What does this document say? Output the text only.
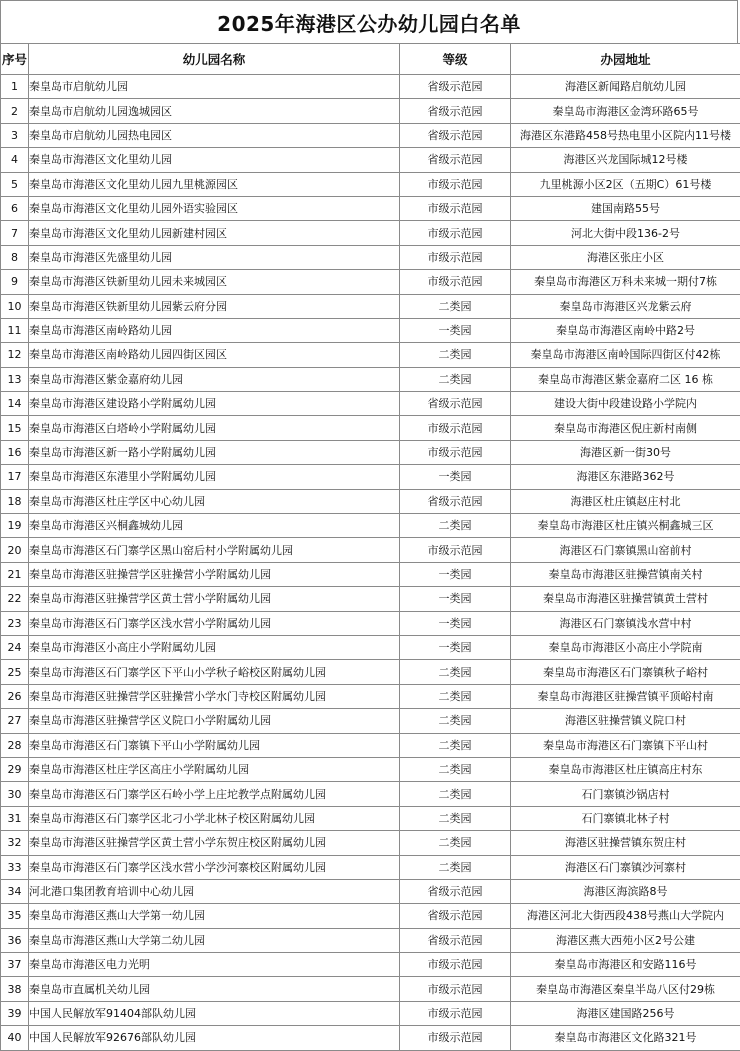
2025年海港区公办幼儿园白名单
序号	幼儿园名称	等级	办园地址
1	秦皇岛市启航幼儿园	省级示范园	海港区新闻路启航幼儿园
2	秦皇岛市启航幼儿园逸城园区	省级示范园	秦皇岛市海港区金湾环路65号
3	秦皇岛市启航幼儿园热电园区	省级示范园	海港区东港路458号热电里小区院内11号楼
4	秦皇岛市海港区文化里幼儿园	省级示范园	海港区兴龙国际城12号楼
5	秦皇岛市海港区文化里幼儿园九里桃源园区	市级示范园	九里桃源小区2区（五期C）61号楼
6	秦皇岛市海港区文化里幼儿园外语实验园区	市级示范园	建国南路55号
7	秦皇岛市海港区文化里幼儿园新建村园区	市级示范园	河北大街中段136-2号
8	秦皇岛市海港区先盛里幼儿园	市级示范园	海港区张庄小区
9	秦皇岛市海港区铁新里幼儿园未来城园区	市级示范园	秦皇岛市海港区万科未来城一期付7栋
10	秦皇岛市海港区铁新里幼儿园紫云府分园	二类园	秦皇岛市海港区兴龙紫云府
11	秦皇岛市海港区南岭路幼儿园	一类园	秦皇岛市海港区南岭中路2号
12	秦皇岛市海港区南岭路幼儿园四街区园区	二类园	秦皇岛市海港区南岭国际四街区付42栋
13	秦皇岛市海港区紫金嘉府幼儿园	二类园	秦皇岛市海港区紫金嘉府二区 16 栋
14	秦皇岛市海港区建设路小学附属幼儿园	省级示范园	建设大街中段建设路小学院内
15	秦皇岛市海港区白塔岭小学附属幼儿园	市级示范园	秦皇岛市海港区倪庄新村南侧
16	秦皇岛市海港区新一路小学附属幼儿园	市级示范园	海港区新一街30号
17	秦皇岛市海港区东港里小学附属幼儿园	一类园	海港区东港路362号
18	秦皇岛市海港区杜庄学区中心幼儿园	省级示范园	海港区杜庄镇赵庄村北
19	秦皇岛市海港区兴桐鑫城幼儿园	二类园	秦皇岛市海港区杜庄镇兴桐鑫城三区
20	秦皇岛市海港区石门寨学区黑山窑后村小学附属幼儿园	市级示范园	海港区石门寨镇黑山窑前村
21	秦皇岛市海港区驻操营学区驻操营小学附属幼儿园	一类园	秦皇岛市海港区驻操营镇南关村
22	秦皇岛市海港区驻操营学区黄土营小学附属幼儿园	一类园	秦皇岛市海港区驻操营镇黄土营村
23	秦皇岛市海港区石门寨学区浅水营小学附属幼儿园	一类园	海港区石门寨镇浅水营中村
24	秦皇岛市海港区小高庄小学附属幼儿园	一类园	秦皇岛市海港区小高庄小学院南
25	秦皇岛市海港区石门寨学区下平山小学秋子峪校区附属幼儿园	二类园	秦皇岛市海港区石门寨镇秋子峪村
26	秦皇岛市海港区驻操营学区驻操营小学水门寺校区附属幼儿园	二类园	秦皇岛市海港区驻操营镇平顶峪村南
27	秦皇岛市海港区驻操营学区义院口小学附属幼儿园	二类园	海港区驻操营镇义院口村
28	秦皇岛市海港区石门寨镇下平山小学附属幼儿园	二类园	秦皇岛市海港区石门寨镇下平山村
29	秦皇岛市海港区杜庄学区高庄小学附属幼儿园	二类园	秦皇岛市海港区杜庄镇高庄村东
30	秦皇岛市海港区石门寨学区石岭小学上庄坨教学点附属幼儿园	二类园	石门寨镇沙锅店村
31	秦皇岛市海港区石门寨学区北刁小学北林子校区附属幼儿园	二类园	石门寨镇北林子村
32	秦皇岛市海港区驻操营学区黄土营小学东贺庄校区附属幼儿园	二类园	海港区驻操营镇东贺庄村
33	秦皇岛市海港区石门寨学区浅水营小学沙河寨校区附属幼儿园	二类园	海港区石门寨镇沙河寨村
34	河北港口集团教育培训中心幼儿园	省级示范园	海港区海滨路8号
35	秦皇岛市海港区燕山大学第一幼儿园	省级示范园	海港区河北大街西段438号燕山大学院内
36	秦皇岛市海港区燕山大学第二幼儿园	省级示范园	海港区燕大西苑小区2号公建
37	秦皇岛市海港区电力光明	市级示范园	秦皇岛市海港区和安路116号
38	秦皇岛市直属机关幼儿园	市级示范园	秦皇岛市海港区秦皇半岛八区付29栋
39	中国人民解放军91404部队幼儿园	市级示范园	海港区建国路256号
40	中国人民解放军92676部队幼儿园	市级示范园	秦皇岛市海港区文化路321号
